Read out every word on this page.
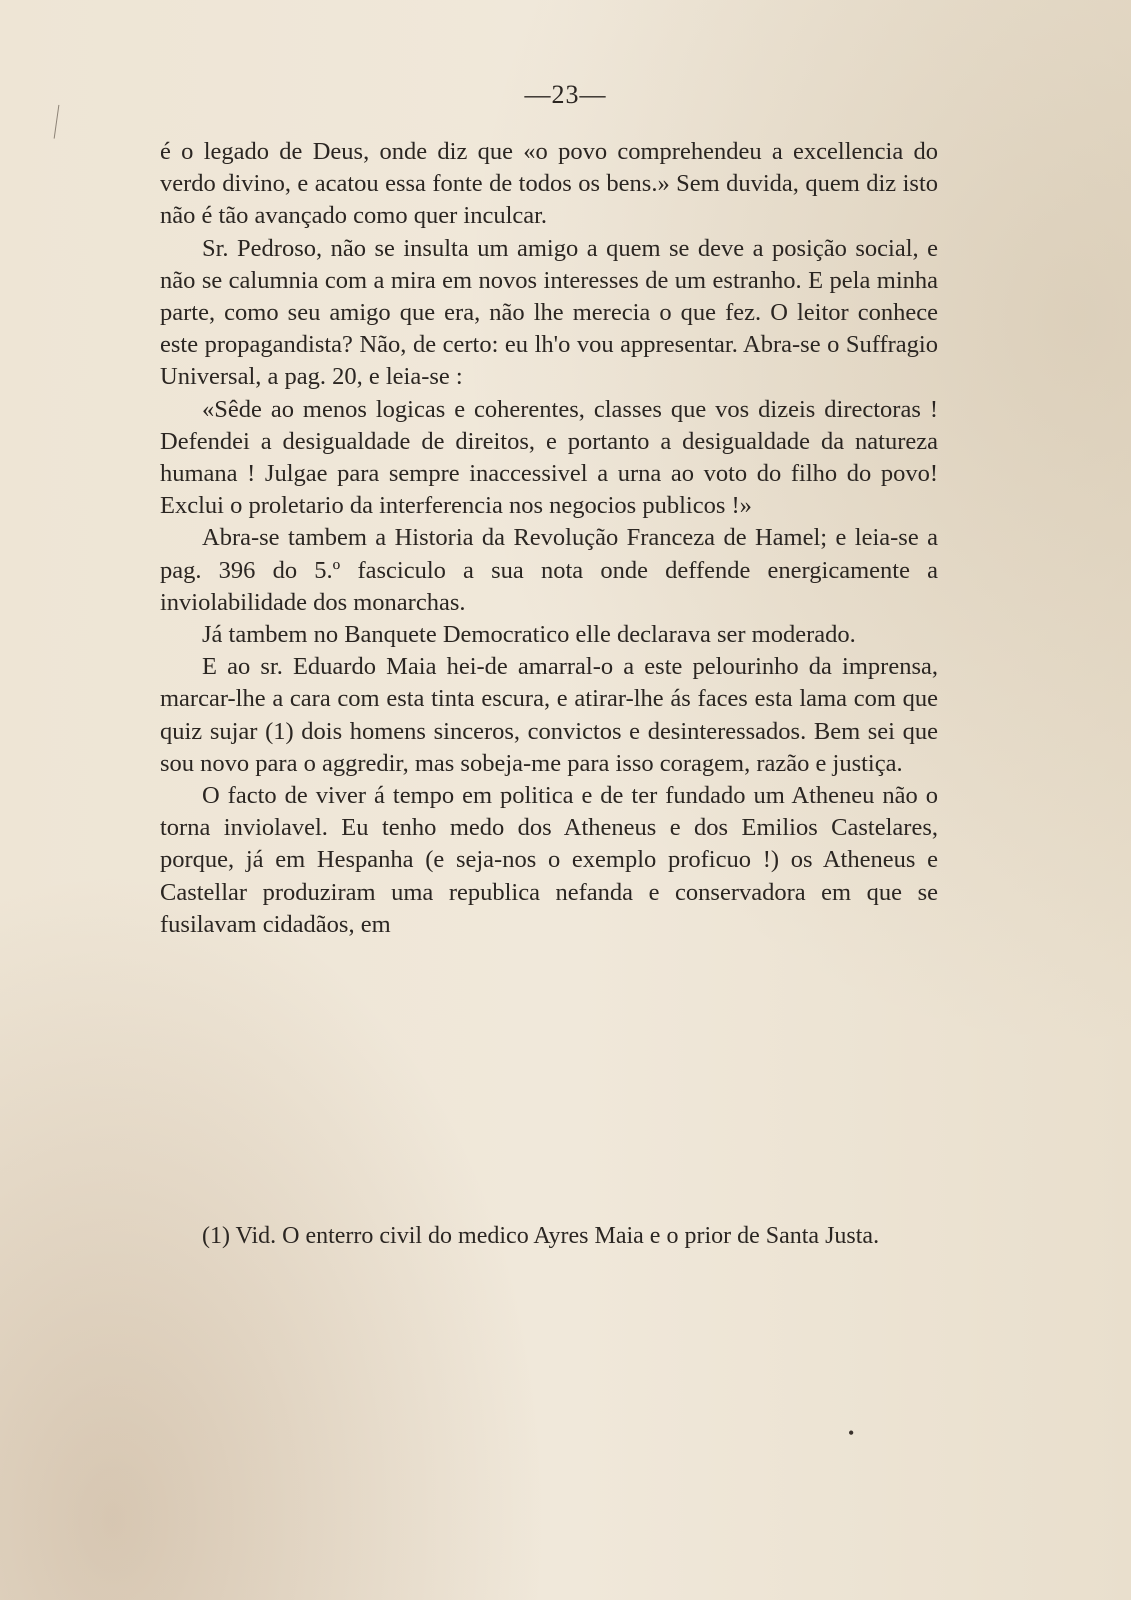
—23—

é o legado de Deus, onde diz que «o povo comprehendeu a excellencia do verdo divino, e acatou essa fonte de todos os bens.» Sem duvida, quem diz isto não é tão avançado como quer inculcar.

Sr. Pedroso, não se insulta um amigo a quem se deve a posição social, e não se calumnia com a mira em novos interesses de um estranho. E pela minha parte, como seu amigo que era, não lhe merecia o que fez. O leitor conhece este propagandista? Não, de certo: eu lh'o vou appresentar. Abra-se o Suffragio Universal, a pag. 20, e leia-se :

«Sêde ao menos logicas e coherentes, classes que vos dizeis directoras ! Defendei a desigualdade de direitos, e portanto a desigualdade da natureza humana ! Julgae para sempre inaccessivel a urna ao voto do filho do povo! Exclui o proletario da interferencia nos negocios publicos !»

Abra-se tambem a Historia da Revolução Franceza de Hamel; e leia-se a pag. 396 do 5.º fasciculo a sua nota onde deffende energicamente a inviolabilidade dos monarchas.

Já tambem no Banquete Democratico elle declarava ser moderado.

E ao sr. Eduardo Maia hei-de amarral-o a este pelourinho da imprensa, marcar-lhe a cara com esta tinta escura, e atirar-lhe ás faces esta lama com que quiz sujar (1) dois homens sinceros, convictos e desinteressados. Bem sei que sou novo para o aggredir, mas sobeja-me para isso coragem, razão e justiça.

O facto de viver á tempo em politica e de ter fundado um Atheneu não o torna inviolavel. Eu tenho medo dos Atheneus e dos Emilios Castelares, porque, já em Hespanha (e seja-nos o exemplo proficuo !) os Atheneus e Castellar produziram uma republica nefanda e conservadora em que se fusilavam cidadãos, em

(1) Vid. O enterro civil do medico Ayres Maia e o prior de Santa Justa.

•
